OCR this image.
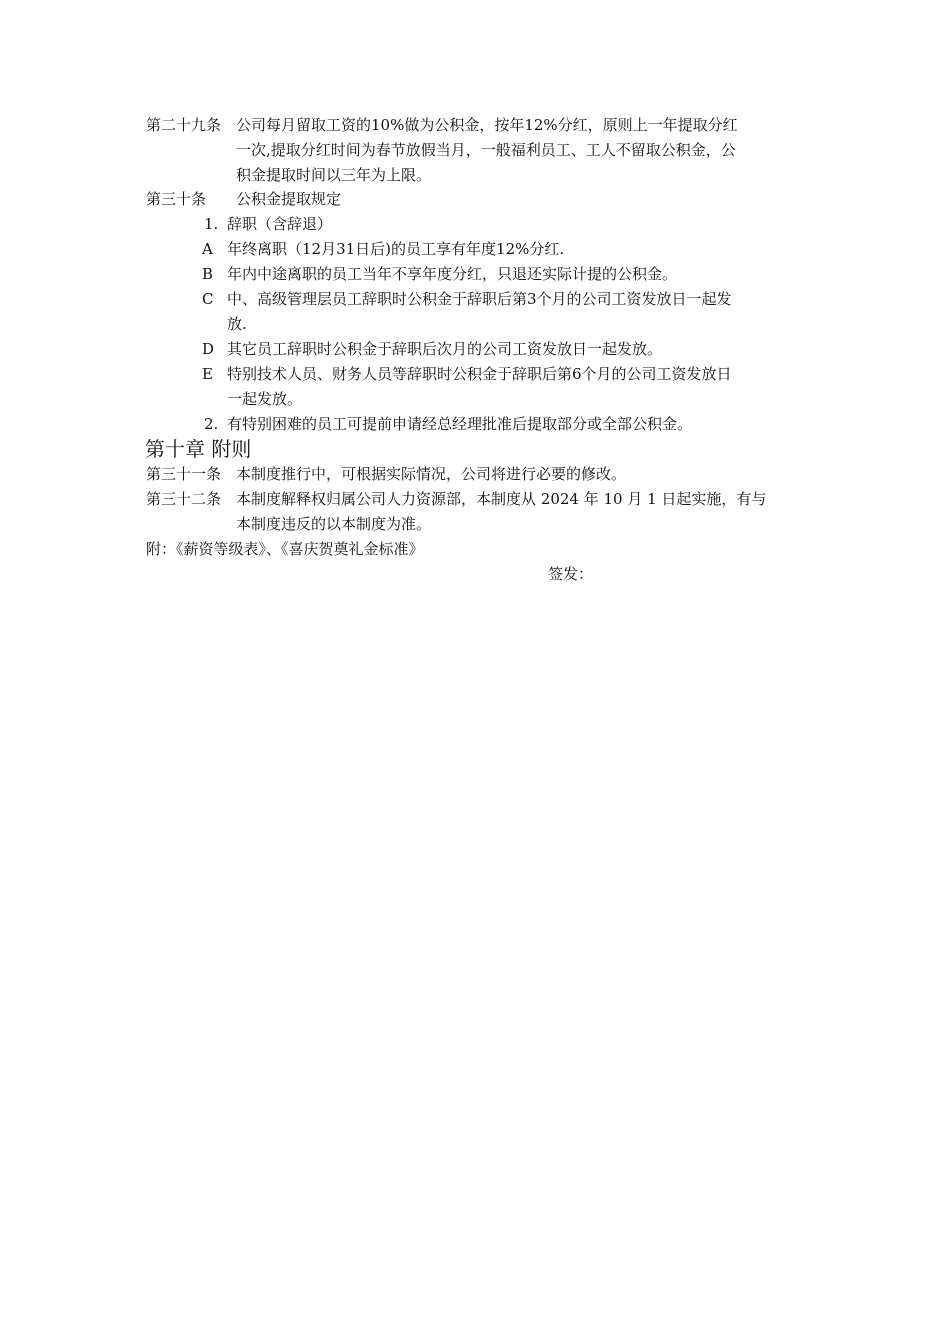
第二十九条 公司每月留取工资的10%做为公积金，按年12%分红，原则上一年提取分红
一次,提取分红时间为春节放假当月，一般福利员工、工人不留取公积金，公
积金提取时间以三年为上限。
第三十条 公积金提取规定
1. 辞职（含辞退）
A 年终离职（12月31日后)的员工享有年度12%分红.
B 年内中途离职的员工当年不享年度分红，只退还实际计提的公积金。
C 中、高级管理层员工辞职时公积金于辞职后第3个月的公司工资发放日一起发
放.
D 其它员工辞职时公积金于辞职后次月的公司工资发放日一起发放。
E 特别技术人员、财务人员等辞职时公积金于辞职后第6个月的公司工资发放日
一起发放。
2. 有特别困难的员工可提前申请经总经理批准后提取部分或全部公积金。
第十章 附则
第三十一条 本制度推行中，可根据实际情况，公司将进行必要的修改。
第三十二条 本制度解释权归属公司人力资源部，本制度从 2024 年 10 月 1 日起实施，有与
本制度违反的以本制度为准。
附：《薪资等级表》、《喜庆贺奠礼金标准》
签发：
